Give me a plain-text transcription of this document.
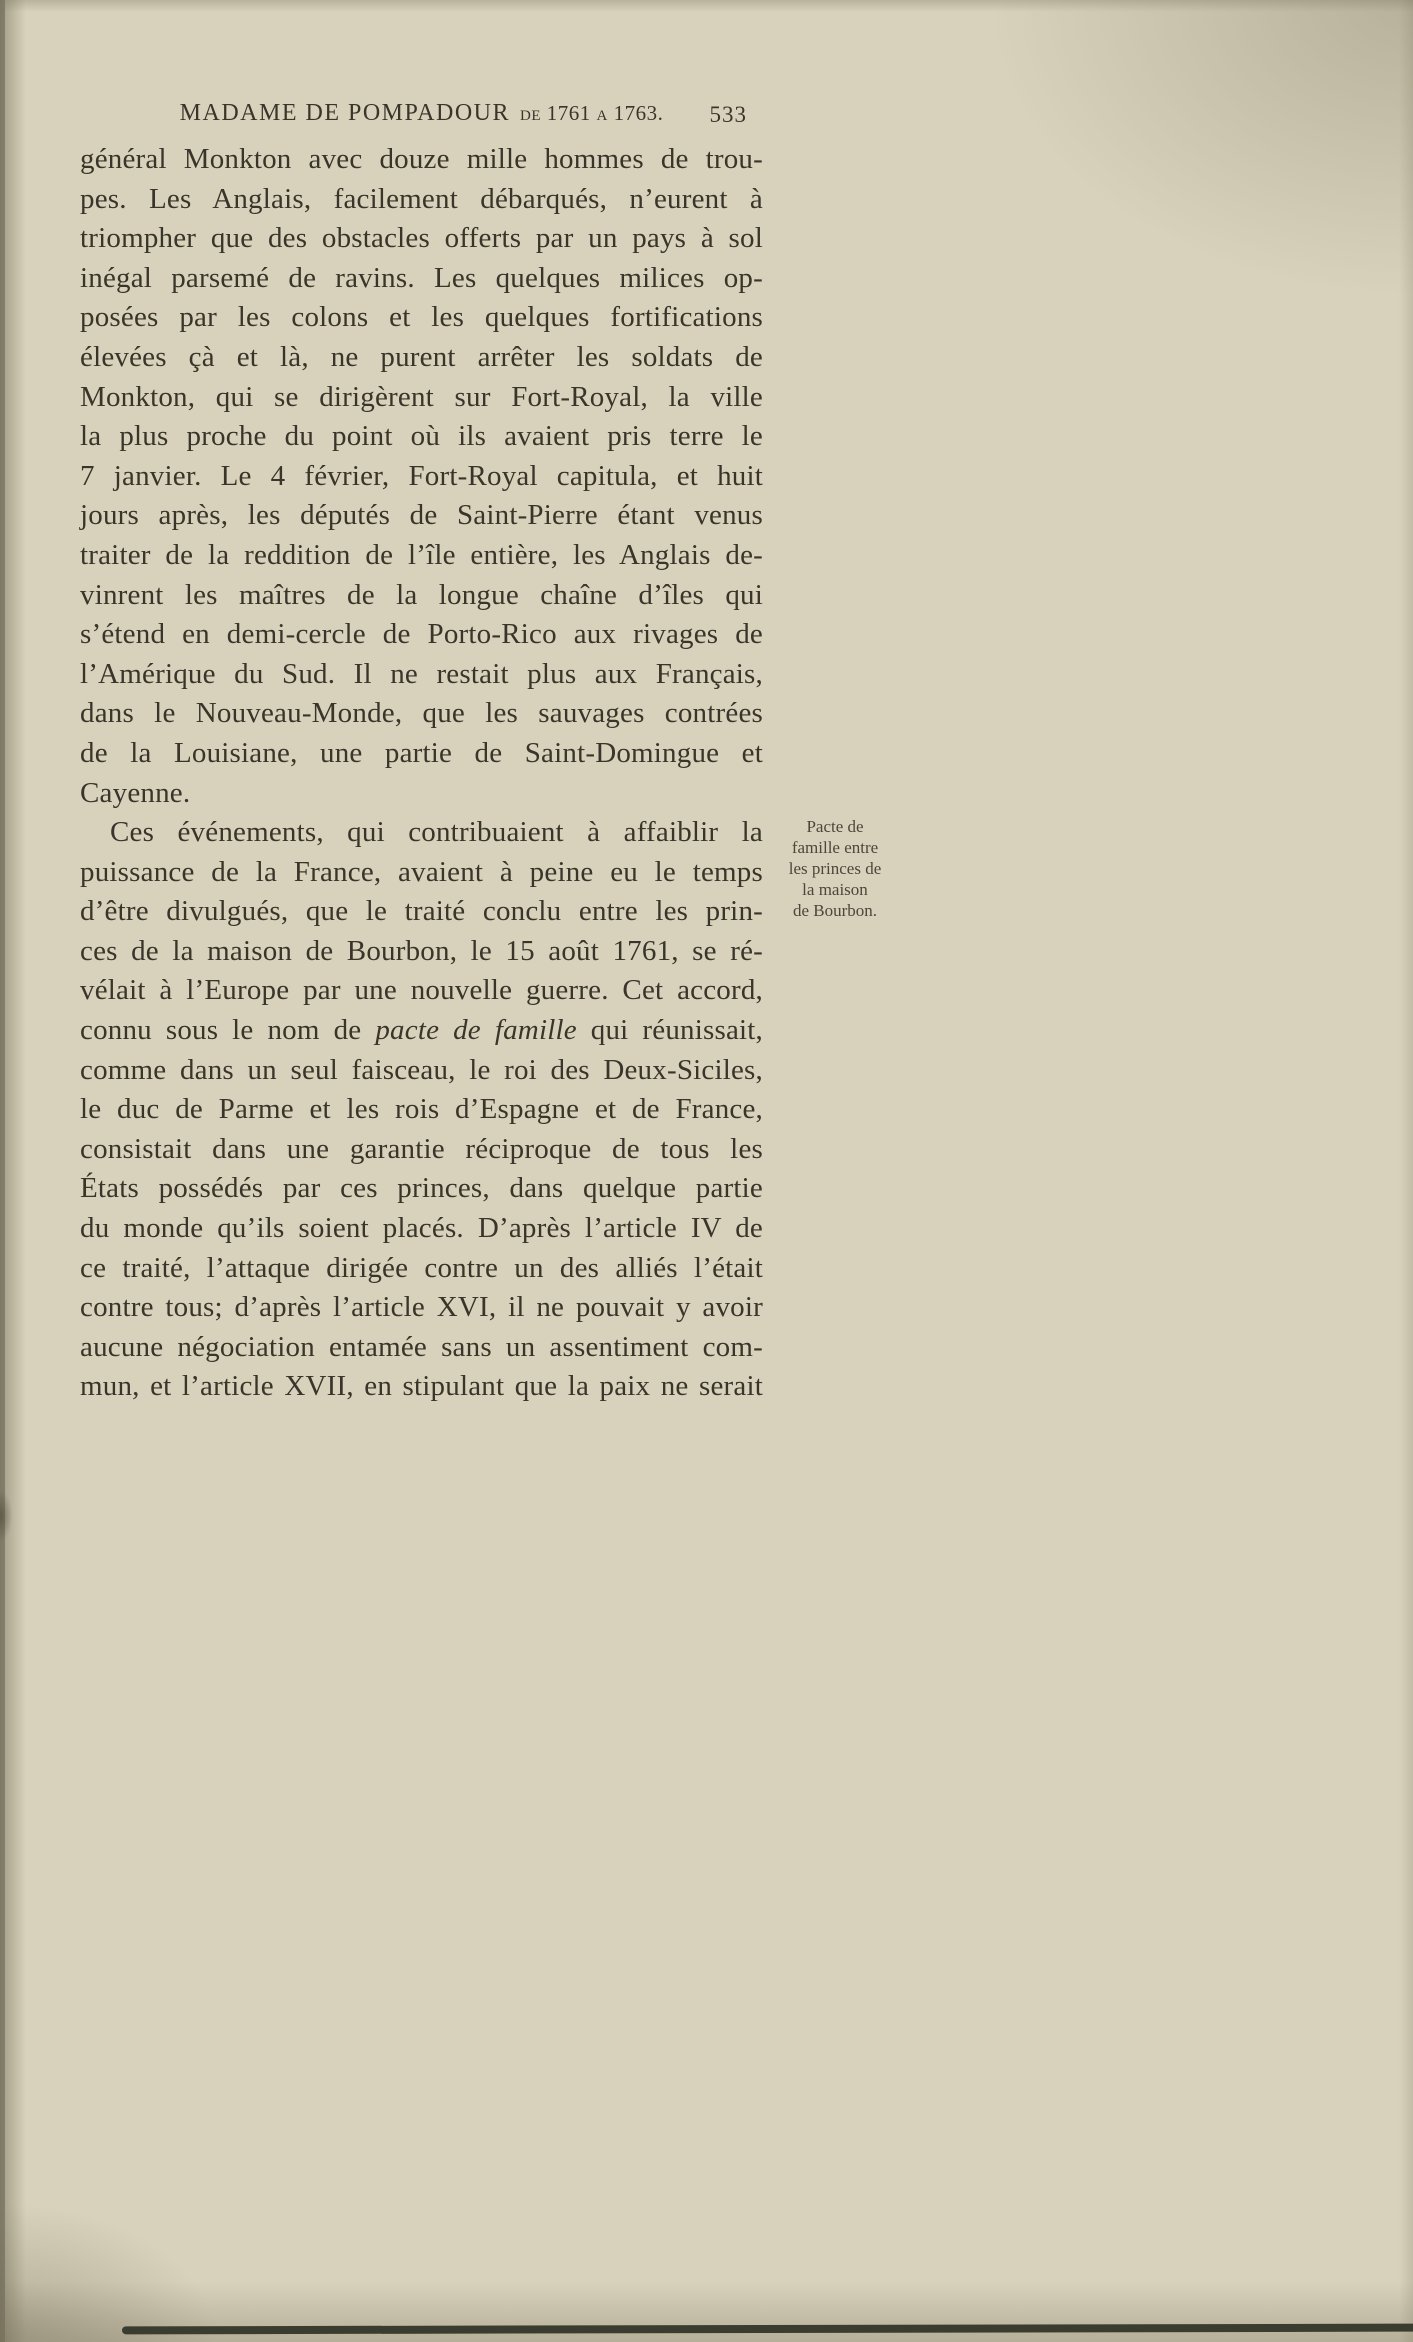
MADAME DE POMPADOUR de 1761 a 1763. 533
général Monkton avec douze mille hommes de trou-
pes. Les Anglais, facilement débarqués, n’eurent à
triompher que des obstacles offerts par un pays à sol
inégal parsemé de ravins. Les quelques milices op-
posées par les colons et les quelques fortifications
élevées çà et là, ne purent arrêter les soldats de
Monkton, qui se dirigèrent sur Fort-Royal, la ville
la plus proche du point où ils avaient pris terre le
7 janvier. Le 4 février, Fort-Royal capitula, et huit
jours après, les députés de Saint-Pierre étant venus
traiter de la reddition de l’île entière, les Anglais de-
vinrent les maîtres de la longue chaîne d’îles qui
s’étend en demi-cercle de Porto-Rico aux rivages de
l’Amérique du Sud. Il ne restait plus aux Français,
dans le Nouveau-Monde, que les sauvages contrées
de la Louisiane, une partie de Saint-Domingue et
Cayenne.
Ces événements, qui contribuaient à affaiblir la
puissance de la France, avaient à peine eu le temps
d’être divulgués, que le traité conclu entre les prin-
ces de la maison de Bourbon, le 15 août 1761, se ré-
vélait à l’Europe par une nouvelle guerre. Cet accord,
connu sous le nom de pacte de famille qui réunissait,
comme dans un seul faisceau, le roi des Deux-Siciles,
le duc de Parme et les rois d’Espagne et de France,
consistait dans une garantie réciproque de tous les
États possédés par ces princes, dans quelque partie
du monde qu’ils soient placés. D’après l’article IV de
ce traité, l’attaque dirigée contre un des alliés l’était
contre tous; d’après l’article XVI, il ne pouvait y avoir
aucune négociation entamée sans un assentiment com-
mun, et l’article XVII, en stipulant que la paix ne serait
Pacte de
famille entre
les princes de
la maison
de Bourbon.
